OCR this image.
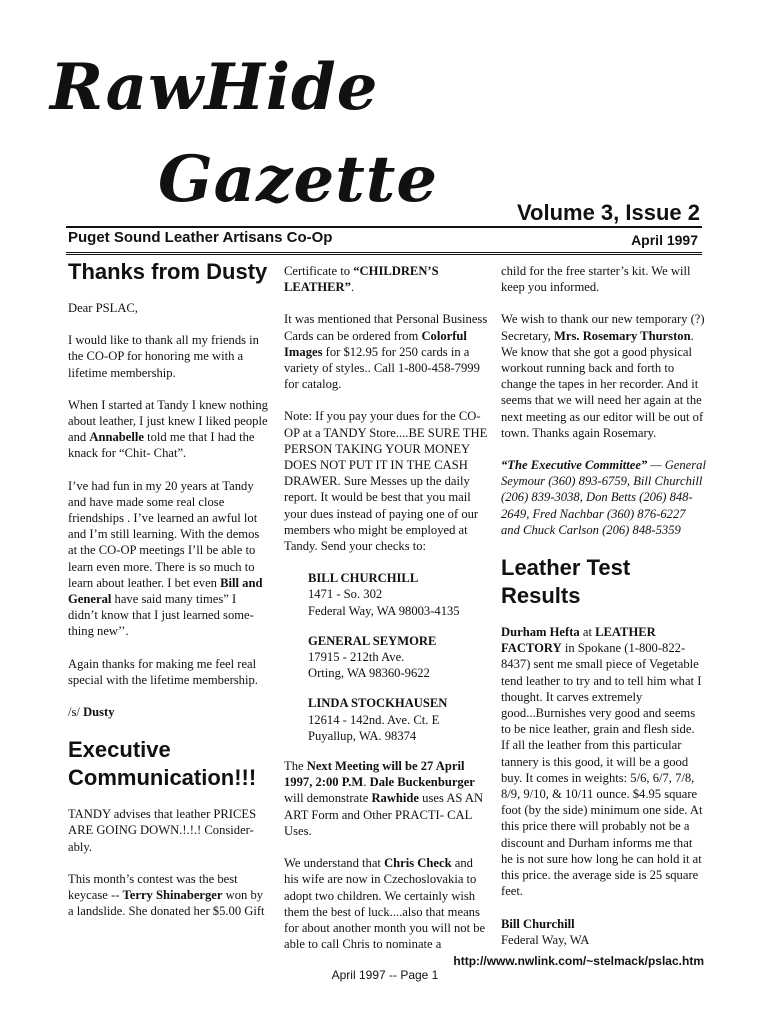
RawHide
Gazette	Volume 3, Issue 2
Puget Sound Leather Artisans Co-Op	April 1997
Thanks from Dusty

Dear PSLAC,

I would like to thank all my friends in the CO-OP for honoring me with a lifetime membership.

When I started at Tandy I knew nothing about leather, I just knew I liked people and Annabelle told me that I had the knack for “Chit- Chat”.

I’ve had fun in my 20 years at Tandy and have made some real close friendships . I’ve learned an awful lot and I’m still learning. With the demos at the CO-OP meetings I’ll be able to learn even more. There is so much to learn about leather. I bet even Bill and General have said many times” I didn’t know that I just learned some- thing new’’.

Again thanks for making me feel real special with the lifetime membership.

/s/ Dusty

Executive Communication!!!

TANDY advises that leather PRICES ARE GOING DOWN.!.!.! Consider- ably.

This month’s contest was the best keycase -- Terry Shinaberger won by a landslide. She donated her $5.00 Gift

Certificate to “CHILDREN’S LEATHER”.

It was mentioned that Personal Business Cards can be ordered from Colorful Images for $12.95 for 250 cards in a variety of styles.. Call 1-800-458-7999 for catalog.

Note: If you pay your dues for the CO-OP at a TANDY Store....BE SURE THE PERSON TAKING YOUR MONEY DOES NOT PUT IT IN THE CASH DRAWER. Sure Messes up the daily report. It would be best that you mail your dues instead of paying one of our members who might be employed at Tandy. Send your checks to:

BILL CHURCHILL
1471 - So. 302
Federal Way, WA 98003-4135
GENERAL SEYMORE
17915 - 212th Ave.
Orting, WA 98360-9622
LINDA STOCKHAUSEN
12614 - 142nd. Ave. Ct. E
Puyallup, WA. 98374

The Next Meeting will be 27 April 1997, 2:00 P.M. Dale Buckenburger will demonstrate Rawhide uses AS AN ART Form and Other PRACTI- CAL Uses.

We understand that Chris Check and his wife are now in Czechoslovakia to adopt two children. We certainly wish them the best of luck....also that means for about another month you will not be able to call Chris to nominate a

child for the free starter’s kit. We will keep you informed.

We wish to thank our new temporary (?) Secretary, Mrs. Rosemary Thurston. We know that she got a good physical workout running back and forth to change the tapes in her recorder. And it seems that we will need her again at the next meeting as our editor will be out of town. Thanks again Rosemary.

“The Executive Committee” — General Seymour (360) 893-6759, Bill Churchill (206) 839-3038, Don Betts (206) 848-2649, Fred Nachbar (360) 876-6227 and Chuck Carlson (206) 848-5359

Leather Test Results

Durham Hefta at LEATHER FACTORY in Spokane (1-800-822-8437) sent me small piece of Vegetable tend leather to try and to tell him what I thought. It carves extremely good...Burnishes very good and seems to be nice leather, grain and flesh side. If all the leather from this particular tannery is this good, it will be a good buy. It comes in weights: 5/6, 6/7, 7/8, 8/9, 9/10, & 10/11 ounce. $4.95 square foot (by the side) minimum one side. At this price there will probably not be a discount and Durham informs me that he is not sure how long he can hold it at this price. the average side is 25 square feet.

Bill Churchill
Federal Way, WA

http://www.nwlink.com/~stelmack/pslac.htm
April 1997 -- Page 1
